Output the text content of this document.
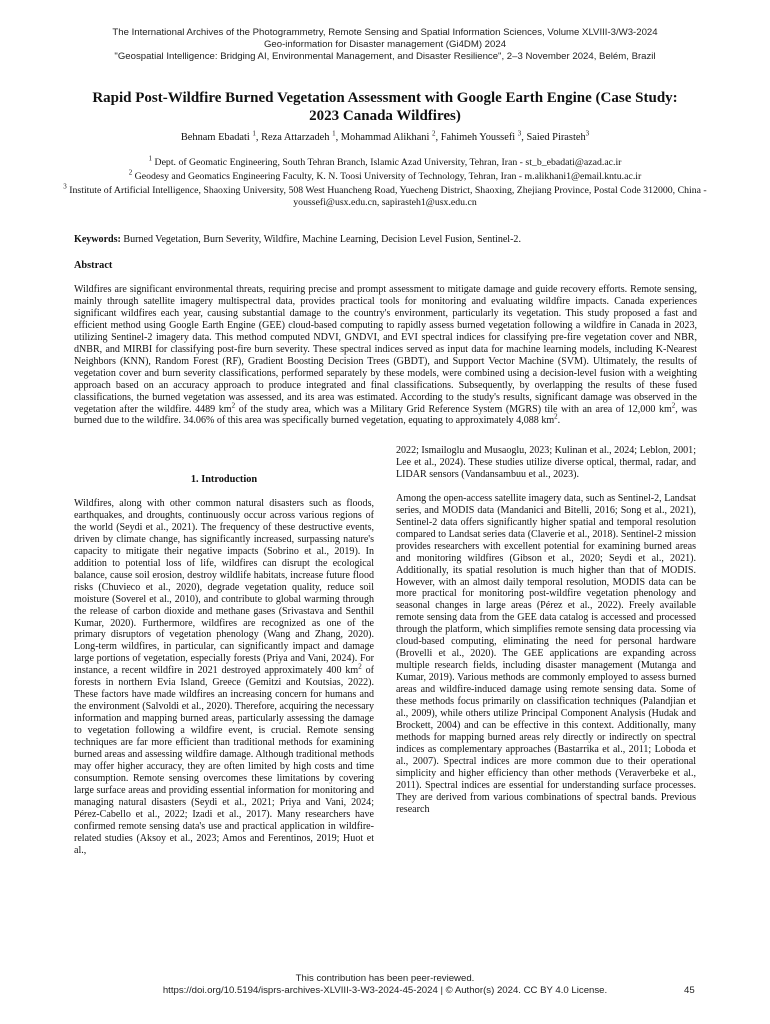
The International Archives of the Photogrammetry, Remote Sensing and Spatial Information Sciences, Volume XLVIII-3/W3-2024
Geo-information for Disaster management (Gi4DM) 2024
"Geospatial Intelligence: Bridging AI, Environmental Management, and Disaster Resilience", 2–3 November 2024, Belém, Brazil
Rapid Post-Wildfire Burned Vegetation Assessment with Google Earth Engine (Case Study:
2023 Canada Wildfires)
Behnam Ebadati $^1$, Reza Attarzadeh $^1$, Mohammad Alikhani $^2$, Fahimeh Youssefi $^3$, Saied Pirasteh$^3$
$^1$ Dept. of Geomatic Engineering, South Tehran Branch, Islamic Azad University, Tehran, Iran - st_b_ebadati@azad.ac.ir
$^2$ Geodesy and Geomatics Engineering Faculty, K. N. Toosi University of Technology, Tehran, Iran - m.alikhani1@email.kntu.ac.ir
$^3$ Institute of Artificial Intelligence, Shaoxing University, 508 West Huancheng Road, Yuecheng District, Shaoxing, Zhejiang Province, Postal Code 312000, China - youssefi@usx.edu.cn, sapirasteh1@usx.edu.cn
Keywords: Burned Vegetation, Burn Severity, Wildfire, Machine Learning, Decision Level Fusion, Sentinel-2.
Abstract
Wildfires are significant environmental threats, requiring precise and prompt assessment to mitigate damage and guide recovery efforts. Remote sensing, mainly through satellite imagery multispectral data, provides practical tools for monitoring and evaluating wildfire impacts. Canada experiences significant wildfires each year, causing substantial damage to the country's environment, particularly its vegetation. This study proposed a fast and efficient method using Google Earth Engine (GEE) cloud-based computing to rapidly assess burned vegetation following a wildfire in Canada in 2023, utilizing Sentinel-2 imagery data. This method computed NDVI, GNDVI, and EVI spectral indices for classifying pre-fire vegetation cover and NBR, dNBR, and MIRBI for classifying post-fire burn severity. These spectral indices served as input data for machine learning models, including K-Nearest Neighbors (KNN), Random Forest (RF), Gradient Boosting Decision Trees (GBDT), and Support Vector Machine (SVM). Ultimately, the results of vegetation cover and burn severity classifications, performed separately by these models, were combined using a decision-level fusion with a weighting approach based on an accuracy approach to produce integrated and final classifications. Subsequently, by overlapping the results of these fused classifications, the burned vegetation was assessed, and its area was estimated. According to the study's results, significant damage was observed in the vegetation after the wildfire. 4489 $km^2$ of the study area, which was a Military Grid Reference System (MGRS) tile with an area of 12,000 $km^2$, was burned due to the wildfire. 34.06% of this area was specifically burned vegetation, equating to approximately 4,088 $km^2$.
1. Introduction
Wildfires, along with other common natural disasters such as floods, earthquakes, and droughts, continuously occur across various regions of the world (Seydi et al., 2021). The frequency of these destructive events, driven by climate change, has significantly increased, surpassing nature's capacity to mitigate their negative impacts (Sobrino et al., 2019). In addition to potential loss of life, wildfires can disrupt the ecological balance, cause soil erosion, destroy wildlife habitats, increase future flood risks (Chuvieco et al., 2020), degrade vegetation quality, reduce soil moisture (Soverel et al., 2010), and contribute to global warming through the release of carbon dioxide and methane gases (Srivastava and Senthil Kumar, 2020). Furthermore, wildfires are recognized as one of the primary disruptors of vegetation phenology (Wang and Zhang, 2020). Long-term wildfires, in particular, can significantly impact and damage large portions of vegetation, especially forests (Priya and Vani, 2024). For instance, a recent wildfire in 2021 destroyed approximately 400 $km^2$ of forests in northern Evia Island, Greece (Gemitzi and Koutsias, 2022). These factors have made wildfires an increasing concern for humans and the environment (Salvoldi et al., 2020). Therefore, acquiring the necessary information and mapping burned areas, particularly assessing the damage to vegetation following a wildfire event, is crucial. Remote sensing techniques are far more efficient than traditional methods for examining burned areas and assessing wildfire damage. Although traditional methods may offer higher accuracy, they are often limited by high costs and time consumption. Remote sensing overcomes these limitations by covering large surface areas and providing essential information for monitoring and managing natural disasters (Seydi et al., 2021; Priya and Vani, 2024; Pérez-Cabello et al., 2022; Izadi et al., 2017). Many researchers have confirmed remote sensing data's use and practical application in wildfire-related studies (Aksoy et al., 2023; Amos and Ferentinos, 2019; Huot et al.,
2022; Ismailoglu and Musaoglu, 2023; Kulinan et al., 2024; Leblon, 2001; Lee et al., 2024). These studies utilize diverse optical, thermal, radar, and LIDAR sensors (Vandansambuu et al., 2023).
Among the open-access satellite imagery data, such as Sentinel-2, Landsat series, and MODIS data (Mandanici and Bitelli, 2016; Song et al., 2021), Sentinel-2 data offers significantly higher spatial and temporal resolution compared to Landsat series data (Claverie et al., 2018). Sentinel-2 mission provides researchers with excellent potential for examining burned areas and monitoring wildfires (Gibson et al., 2020; Seydi et al., 2021). Additionally, its spatial resolution is much higher than that of MODIS. However, with an almost daily temporal resolution, MODIS data can be more practical for monitoring post-wildfire vegetation phenology and seasonal changes in large areas (Pérez et al., 2022). Freely available remote sensing data from the GEE data catalog is accessed and processed through the platform, which simplifies remote sensing data processing via cloud-based computing, eliminating the need for personal hardware (Brovelli et al., 2020). The GEE applications are expanding across multiple research fields, including disaster management (Mutanga and Kumar, 2019). Various methods are commonly employed to assess burned areas and wildfire-induced damage using remote sensing data. Some of these methods focus primarily on classification techniques (Palandjian et al., 2009), while others utilize Principal Component Analysis (Hudak and Brockett, 2004) and can be effective in this context. Additionally, many methods for mapping burned areas rely directly or indirectly on spectral indices as complementary approaches (Bastarrika et al., 2011; Loboda et al., 2007). Spectral indices are more common due to their operational simplicity and higher efficiency than other methods (Veraverbeke et al., 2011). Spectral indices are essential for understanding surface processes. They are derived from various combinations of spectral bands. Previous research
This contribution has been peer-reviewed.
https://doi.org/10.5194/isprs-archives-XLVIII-3-W3-2024-45-2024 | © Author(s) 2024. CC BY 4.0 License.	45
